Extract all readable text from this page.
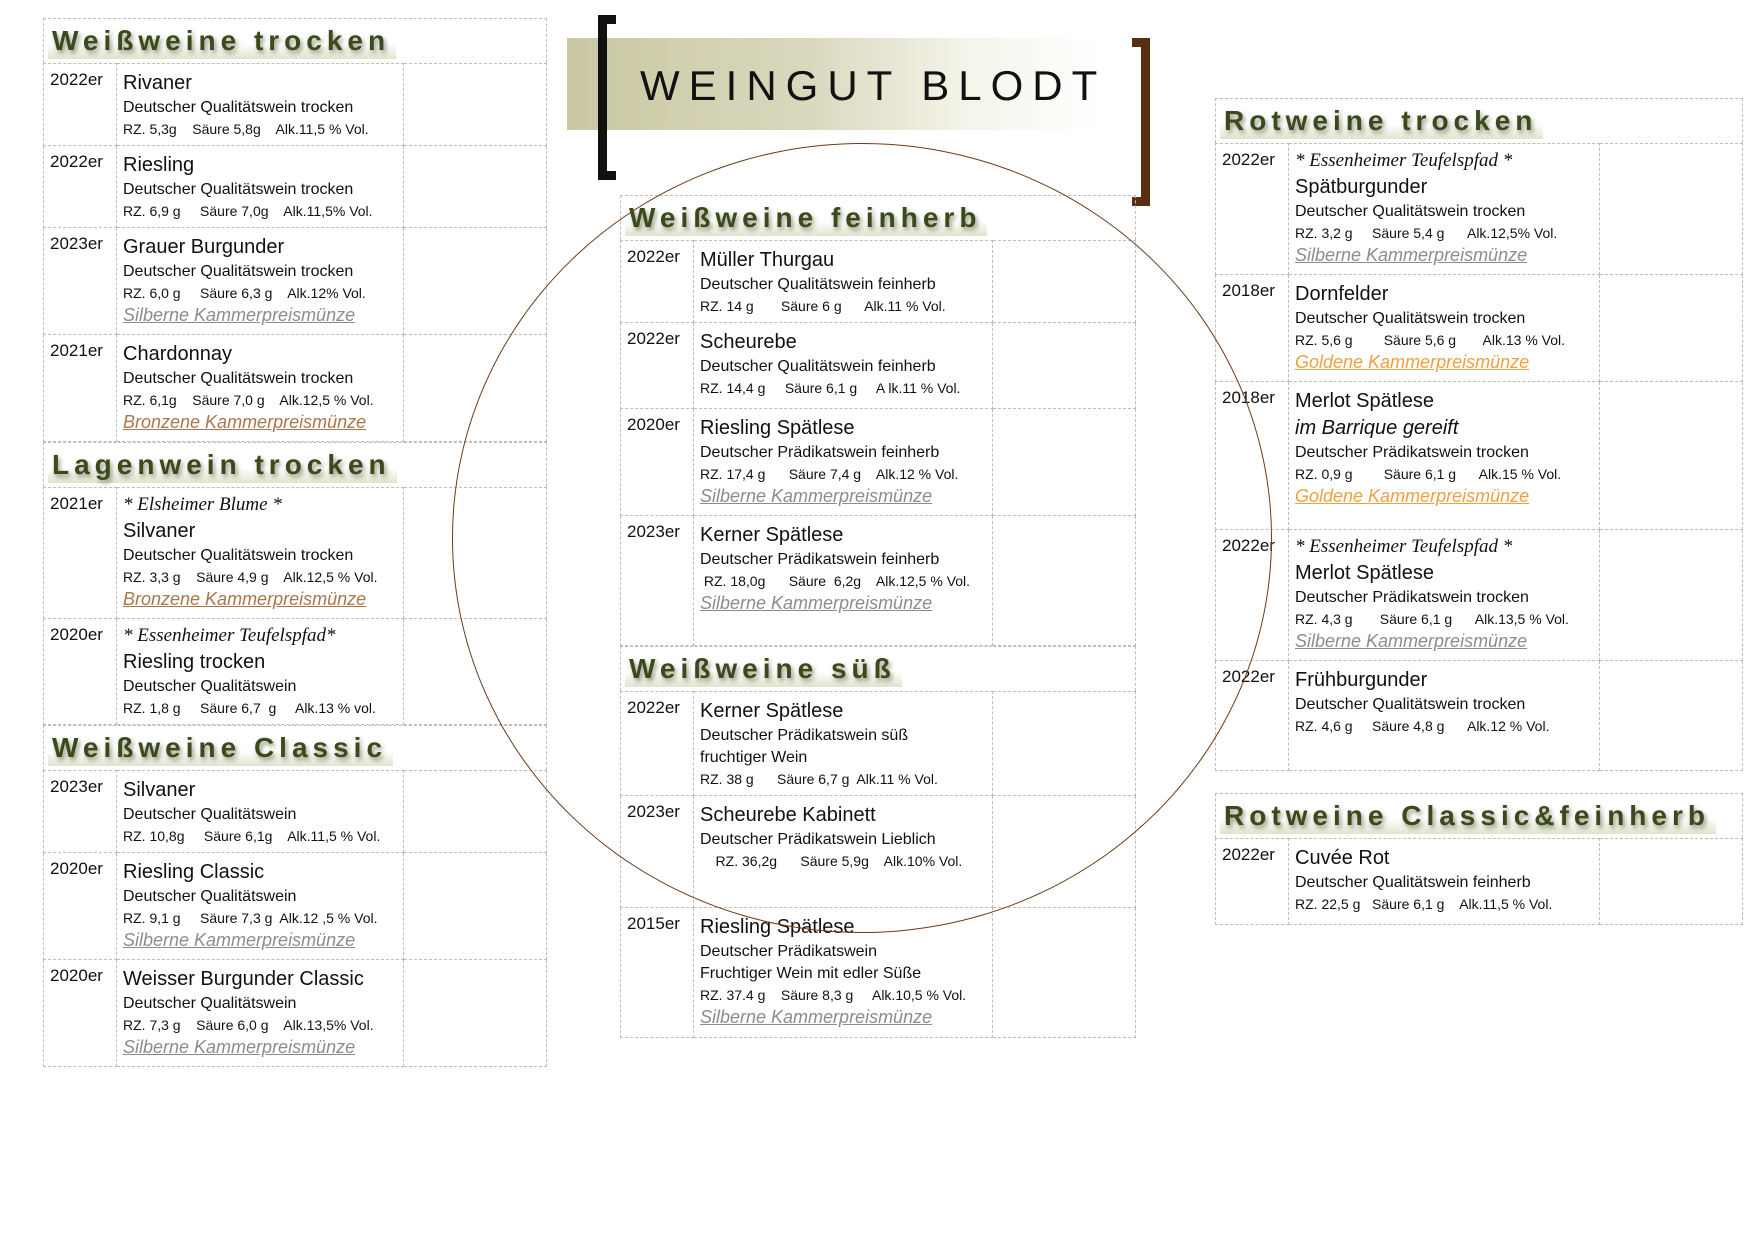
WEINGUT BLODT
Weißweine trocken
2022er	Rivaner
Deutscher Qualitätswein trocken
RZ. 5,3g    Säure 5,8g    Alk.11,5 % Vol.	

2022er	Riesling
Deutscher Qualitätswein trocken
RZ. 6,9 g     Säure 7,0g    Alk.11,5% Vol.	

2023er	Grauer Burgunder
Deutscher Qualitätswein trocken
RZ. 6,0 g     Säure 6,3 g    Alk.12% Vol.
Silberne Kammerpreismünze	

2021er	Chardonnay
Deutscher Qualitätswein trocken
RZ. 6,1g    Säure 7,0 g    Alk.12,5 % Vol.
Bronzene Kammerpreismünze	

Lagenwein trocken
2021er	* Elsheimer Blume *
Silvaner
Deutscher Qualitätswein trocken
RZ. 3,3 g    Säure 4,9 g    Alk.12,5 % Vol.
Bronzene Kammerpreismünze	

2020er	* Essenheimer Teufelspfad*
Riesling trocken
Deutscher Qualitätswein
RZ. 1,8 g     Säure 6,7  g     Alk.13 % vol.	

Weißweine Classic
2023er	Silvaner
Deutscher Qualitätswein
RZ. 10,8g     Säure 6,1g    Alk.11,5 % Vol.	

2020er	Riesling Classic
Deutscher Qualitätswein
RZ. 9,1 g     Säure 7,3 g  Alk.12 ,5 % Vol.
Silberne Kammerpreismünze	

2020er	Weisser Burgunder Classic
Deutscher Qualitätswein
RZ. 7,3 g    Säure 6,0 g    Alk.13,5% Vol.
Silberne Kammerpreismünze	

Weißweine feinherb
2022er	Müller Thurgau
Deutscher Qualitätswein feinherb
RZ. 14 g       Säure 6 g      Alk.11 % Vol.	

2022er	Scheurebe
Deutscher Qualitätswein feinherb
RZ. 14,4 g     Säure 6,1 g     A lk.11 % Vol.	

2020er	Riesling Spätlese
Deutscher Prädikatswein feinherb
RZ. 17,4 g      Säure 7,4 g    Alk.12 % Vol.
Silberne Kammerpreismünze	

2023er	Kerner Spätlese
Deutscher Prädikatswein feinherb
RZ. 18,0g      Säure  6,2g    Alk.12,5 % Vol.
Silberne Kammerpreismünze	

Weißweine süß
2022er	Kerner Spätlese
Deutscher Prädikatswein süß
fruchtiger Wein
RZ. 38 g      Säure 6,7 g  Alk.11 % Vol.	

2023er	Scheurebe Kabinett
Deutscher Prädikatswein Lieblich
RZ. 36,2g      Säure 5,9g    Alk.10% Vol.	

2015er	Riesling Spätlese
Deutscher Prädikatswein
Fruchtiger Wein mit edler Süße
RZ. 37.4 g    Säure 8,3 g     Alk.10,5 % Vol.
Silberne Kammerpreismünze	

Rotweine trocken
2022er	* Essenheimer Teufelspfad *
Spätburgunder
Deutscher Qualitätswein trocken
RZ. 3,2 g     Säure 5,4 g      Alk.12,5% Vol.
Silberne Kammerpreismünze	

2018er	Dornfelder
Deutscher Qualitätswein trocken
RZ. 5,6 g        Säure 5,6 g       Alk.13 % Vol.
Goldene Kammerpreismünze	

2018er	Merlot Spätlese
im Barrique gereift
Deutscher Prädikatswein trocken
RZ. 0,9 g        Säure 6,1 g      Alk.15 % Vol.
Goldene Kammerpreismünze	

2022er	* Essenheimer Teufelspfad *
Merlot Spätlese
Deutscher Prädikatswein trocken
RZ. 4,3 g       Säure 6,1 g      Alk.13,5 % Vol.
Silberne Kammerpreismünze	

2022er	Frühburgunder
Deutscher Qualitätswein trocken
RZ. 4,6 g     Säure 4,8 g      Alk.12 % Vol.	

Rotweine Classic&feinherb
2022er	Cuvée Rot
Deutscher Qualitätswein feinherb
RZ. 22,5 g   Säure 6,1 g    Alk.11,5 % Vol.
